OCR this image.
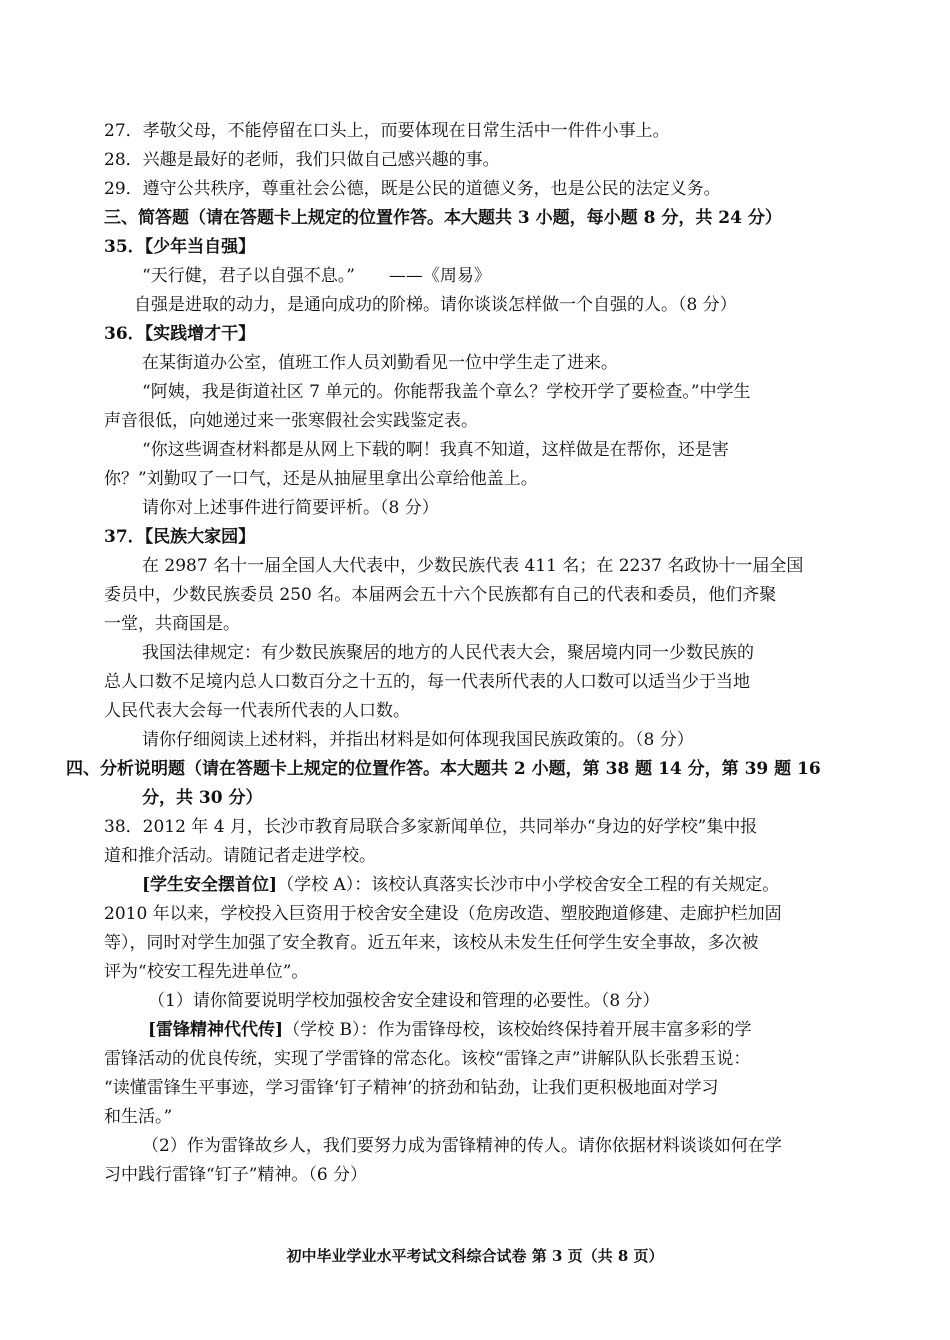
27．孝敬父母，不能停留在口头上，而要体现在日常生活中一件件小事上。
28．兴趣是最好的老师，我们只做自己感兴趣的事。
29．遵守公共秩序，尊重社会公德，既是公民的道德义务，也是公民的法定义务。
三、简答题（请在答题卡上规定的位置作答。本大题共 3 小题，每小题 8 分，共 24 分）
35．【少年当自强】
“天行健，君子以自强不息。”　　——《周易》
自强是进取的动力，是通向成功的阶梯。请你谈谈怎样做一个自强的人。（8 分）
36．【实践增才干】
在某街道办公室，值班工作人员刘勤看见一位中学生走了进来。
“阿姨，我是街道社区 7 单元的。你能帮我盖个章么？学校开学了要检查。”中学生
声音很低，向她递过来一张寒假社会实践鉴定表。
“你这些调查材料都是从网上下载的啊！我真不知道，这样做是在帮你，还是害
你？”刘勤叹了一口气，还是从抽屉里拿出公章给他盖上。
请你对上述事件进行简要评析。（8 分）
37．【民族大家园】
在 2987 名十一届全国人大代表中，少数民族代表 411 名；在 2237 名政协十一届全国
委员中，少数民族委员 250 名。本届两会五十六个民族都有自己的代表和委员，他们齐聚
一堂，共商国是。
我国法律规定：有少数民族聚居的地方的人民代表大会，聚居境内同一少数民族的
总人口数不足境内总人口数百分之十五的，每一代表所代表的人口数可以适当少于当地
人民代表大会每一代表所代表的人口数。
请你仔细阅读上述材料，并指出材料是如何体现我国民族政策的。（8 分）
四、分析说明题（请在答题卡上规定的位置作答。本大题共 2 小题，第 38 题 14 分，第 39 题 16
分，共 30 分）
38．2012 年 4 月，长沙市教育局联合多家新闻单位，共同举办“身边的好学校”集中报
道和推介活动。请随记者走进学校。
[学生安全摆首位]（学校 A）：该校认真落实长沙市中小学校舍安全工程的有关规定。
2010 年以来，学校投入巨资用于校舍安全建设（危房改造、塑胶跑道修建、走廊护栏加固
等），同时对学生加强了安全教育。近五年来，该校从未发生任何学生安全事故，多次被
评为“校安工程先进单位”。
（1）请你简要说明学校加强校舍安全建设和管理的必要性。（8 分）
[雷锋精神代代传]（学校 B）：作为雷锋母校，该校始终保持着开展丰富多彩的学
雷锋活动的优良传统，实现了学雷锋的常态化。该校“雷锋之声”讲解队队长张碧玉说：
“读懂雷锋生平事迹，学习雷锋‘钉子精神’的挤劲和钻劲，让我们更积极地面对学习
和生活。”
（2）作为雷锋故乡人，我们要努力成为雷锋精神的传人。请你依据材料谈谈如何在学
习中践行雷锋“钉子”精神。（6 分）
初中毕业学业水平考试文科综合试卷 第 3 页（共 8 页）
